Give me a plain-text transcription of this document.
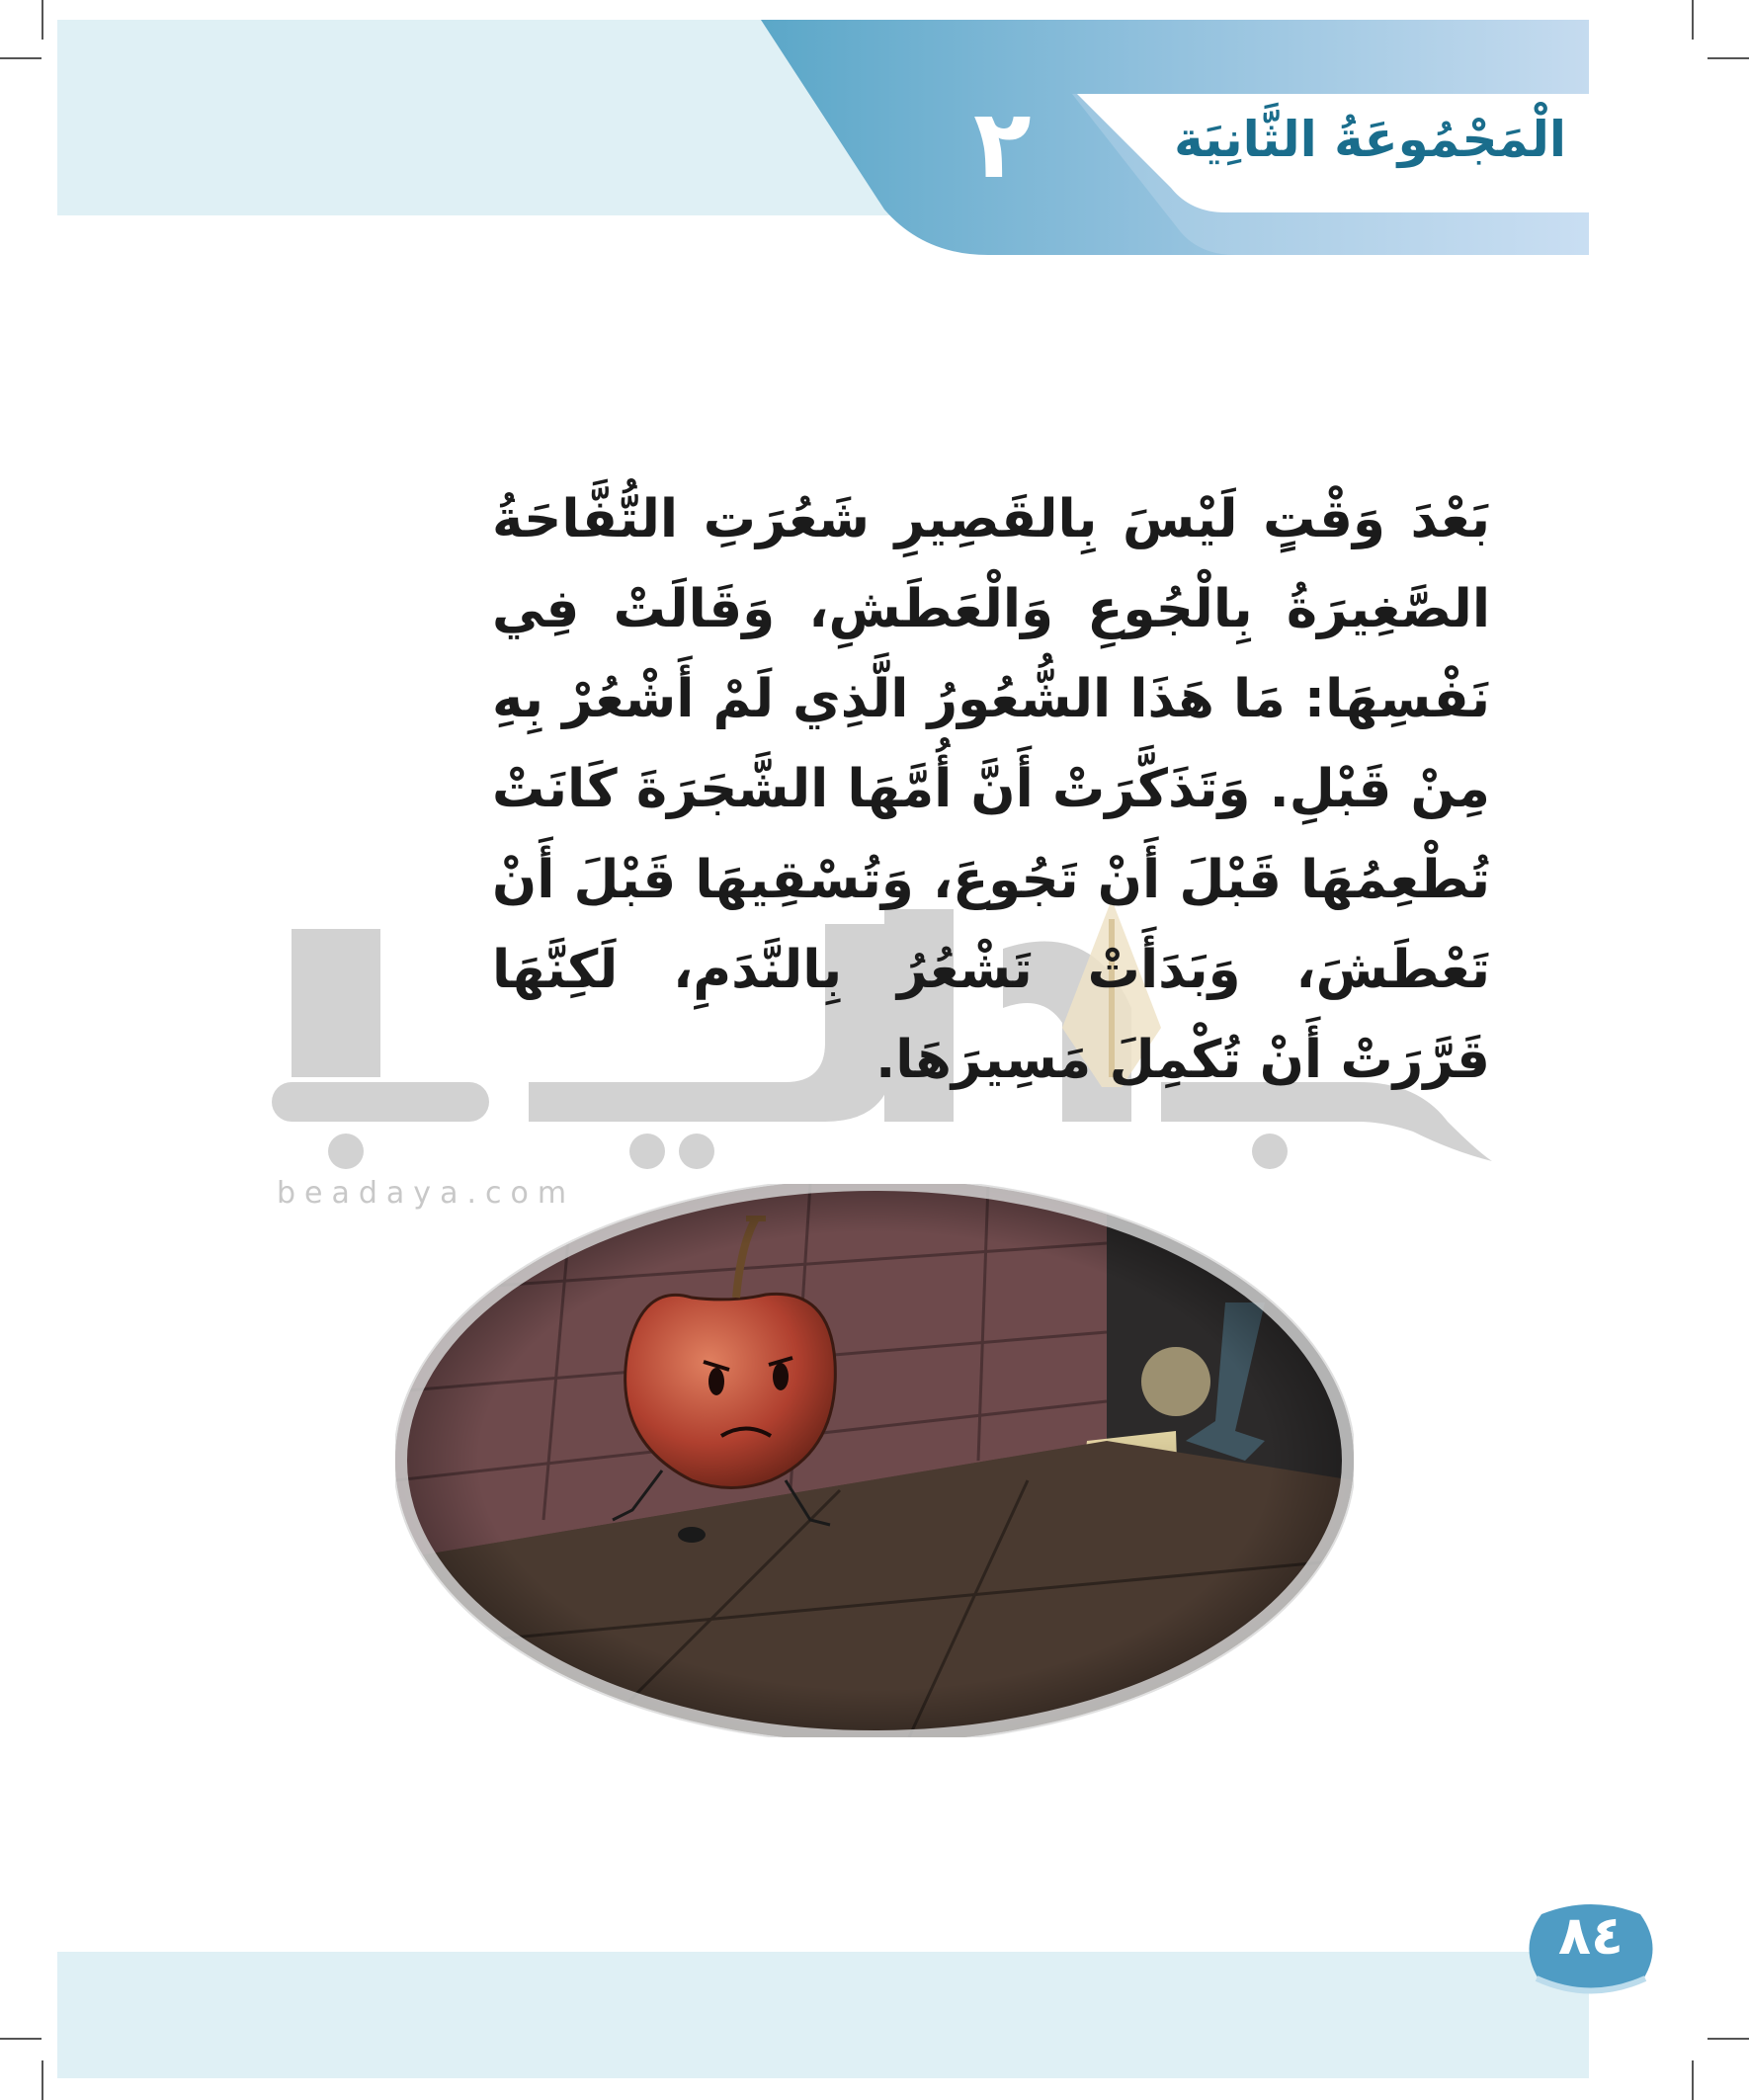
٢	الْمَجْمُوعَةُ الثَّانِيَة
beadaya.com

بَعْدَ وَقْتٍ لَيْسَ بِالقَصِيرِ شَعُرَتِ التُّفَّاحَةُ الصَّغِيرَةُ بِالْجُوعِ وَالْعَطَشِ، وَقَالَتْ فِي نَفْسِهَا: مَا هَذَا الشُّعُورُ الَّذِي لَمْ أَشْعُرْ بِهِ مِنْ قَبْلِ. وَتَذَكَّرَتْ أَنَّ أُمَّهَا الشَّجَرَةَ كَانَتْ تُطْعِمُهَا قَبْلَ أَنْ تَجُوعَ، وَتُسْقِيهَا قَبْلَ أَنْ تَعْطَشَ، وَبَدَأَتْ تَشْعُرُ بِالنَّدَمِ، لَكِنَّهَا قَرَّرَتْ أَنْ تُكْمِلَ مَسِيرَهَا.

٨٤
